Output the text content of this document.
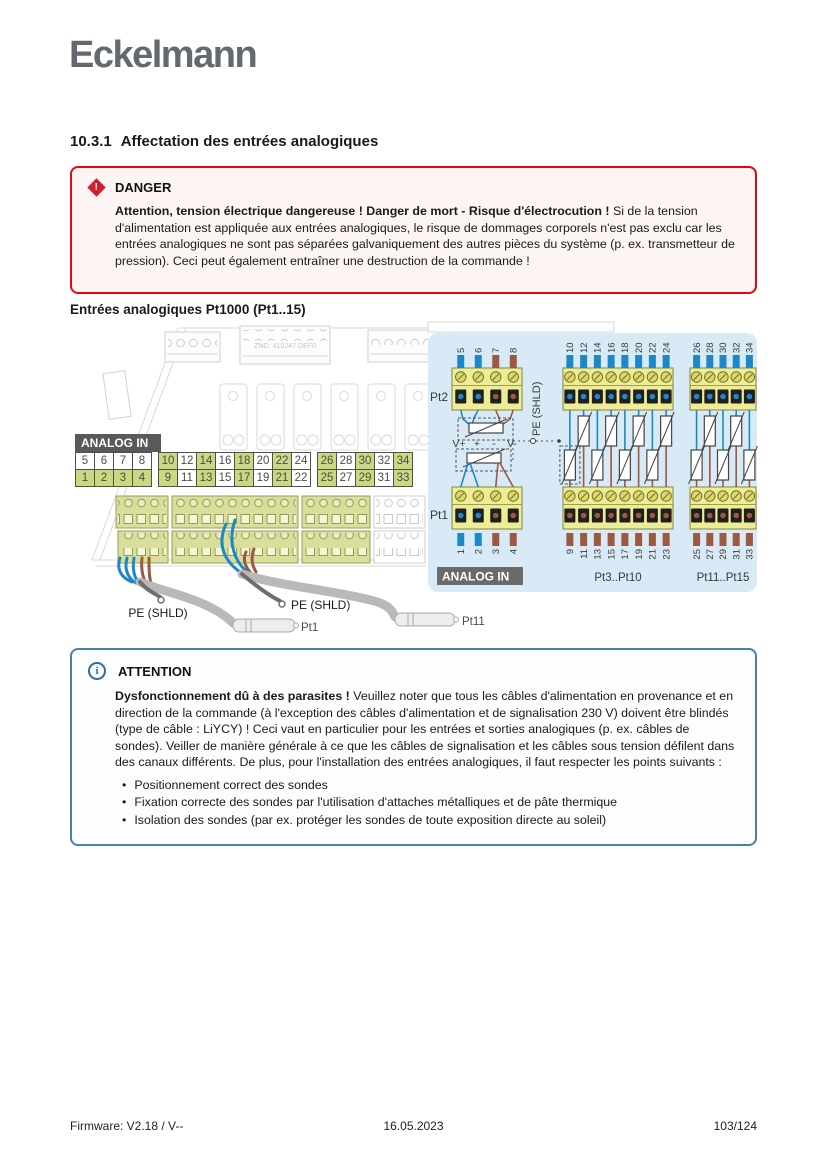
Eckelmann
10.3.1 Affectation des entrées analogiques
! DANGER
Attention, tension électrique dangereuse ! Danger de mort - Risque d'électrocution ! Si de la tension d'alimentation est appliquée aux entrées analogiques, le risque de dommages corporels n'est pas exclu car les entrées analogiques ne sont pas séparées galvaniquement des autres pièces du système (p. ex. transmetteur de pression). Ceci peut également entraîner une destruction de la commande !
Entrées analogiques Pt1000 (Pt1..15)
ZNG: 410247 DEF0
PE (SHLD)
Pt1
PE (SHLD)
Pt11
5 6 7 8	10 12 14 16 18 20 22 24 26 28 30 32 34
1 2 3 4	9 11 13 15 17 19 21 23 25 27 29 31 33
V+ + - V-
Pt2
Pt1
Pt3..Pt10	Pt11..Pt15
PE (SHLD)
ANALOG IN
ANALOG IN
5	6	7	8
1	2	3	4
10	12	14	16	18	20	22	24
9	11	13	15	17	19	21	22
26	28	30	32	34
25	27	29	31	33
i	ATTENTION
Dysfonctionnement dû à des parasites ! Veuillez noter que tous les câbles d'alimentation en provenance et en direction de la commande (à l'exception des câbles d'alimentation et de signalisation 230 V) doivent être blindés (type de câble : LiYCY) ! Ceci vaut en particulier pour les entrées et sorties analogiques (p. ex. câbles de sondes). Veiller de manière générale à ce que les câbles de signalisation et les câbles sous tension défilent dans des canaux différents. De plus, pour l'installation des entrées analogiques, il faut respecter les points suivants :
• Positionnement correct des sondes
• Fixation correcte des sondes par l'utilisation d'attaches métalliques et de pâte thermique
• Isolation des sondes (par ex. protéger les sondes de toute exposition directe au soleil)
Firmware: V2.18 / V--	16.05.2023	103/124
